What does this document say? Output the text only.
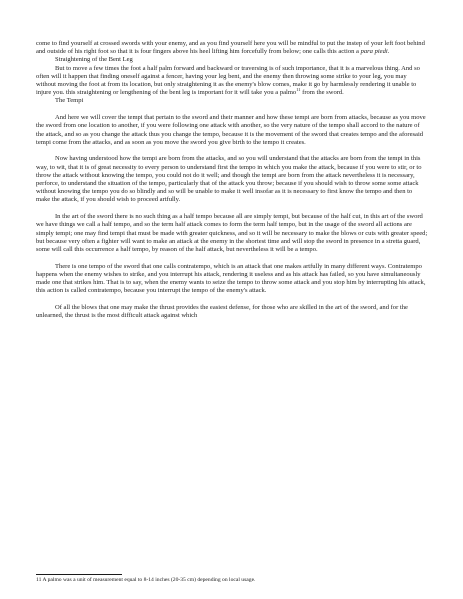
come to find yourself at crossed swords with your enemy, and as you find yourself here you will be mindful to put the instep of your left foot behind and outside of his right foot so that it is four fingers above his heel lifting him forcefully from below; one calls this action a para piedi.

Straightening of the Bent Leg

But to move a few times the foot a half palm forward and backward or traversing is of such importance, that it is a marvelous thing. And so often will it happen that finding oneself against a fencer, having your leg bent, and the enemy then throwing some strike to your leg, you may without moving the foot at from its location, but only straightening it as the enemy's blow comes, make it go by harmlessly rendering it unable to injure you. this straightening or lengthening of the bent leg is important for it will take you a palmo$^{11}$ from the sword.

The Tempi

And here we will cover the tempi that pertain to the sword and their manner and how these tempi are born from attacks, because as you move the sword from one location to another, if you were following one attack with another, so the very nature of the tempo shall accord to the nature of the attack, and so as you change the attack thus you change the tempo, because it is the movement of the sword that creates tempo and the aforesaid tempi come from the attacks, and as soon as you move the sword you give birth to the tempo it creates.

Now having understood how the tempi are born from the attacks, and so you will understand that the attacks are born from the tempi in this way, to wit, that it is of great necessity to every person to understand first the tempo in which you make the attack, because if you were to stir, or to throw the attack without knowing the tempo, you could not do it well; and though the tempi are born from the attack nevertheless it is necessary, perforce, to understand the situation of the tempo, particularly that of the attack you throw; because if you should wish to throw some some attack without knowing the tempo you do so blindly and so will be unable to make it well insofar as it is necessary to first know the tempo and then to make the attack, if you should wish to proceed artfully.

In the art of the sword there is no such thing as a half tempo because all are simply tempi, but because of the half cut, in this art of the sword we have things we call a half tempo, and so the term half attack comes to form the term half tempo, but in the usage of the sword all actions are simply tempi; one may find tempi that must be made with greater quickness, and so it will be necessary to make the blows or cuts with greater speed; but because very often a fighter will want to make an attack at the enemy in the shortest time and will stop the sword in presence in a stretta guard, some will call this occurrence a half tempo, by reason of the half attack, but nevertheless it will be a tempo.

There is one tempo of the sword that one calls contratempo, which is an attack that one makes artfully in many different ways. Contratempo happens when the enemy wishes to strike, and you interrupt his attack, rendering it useless and as his attack has failed, so you have simultaneously made one that strikes him. That is to say, when the enemy wants to seize the tempo to throw some attack and you stop him by interrupting his attack, this action is called contratempo, because you interrupt the tempo of the enemy's attack.

Of all the blows that one may make the thrust provides the easiest defense, for those who are skilled in the art of the sword, and for the unlearned, the thrust is the most difficult attack against which

11 A palmo was a unit of measurement equal to 8-14 inches (20-35 cm) depending on local usage.
